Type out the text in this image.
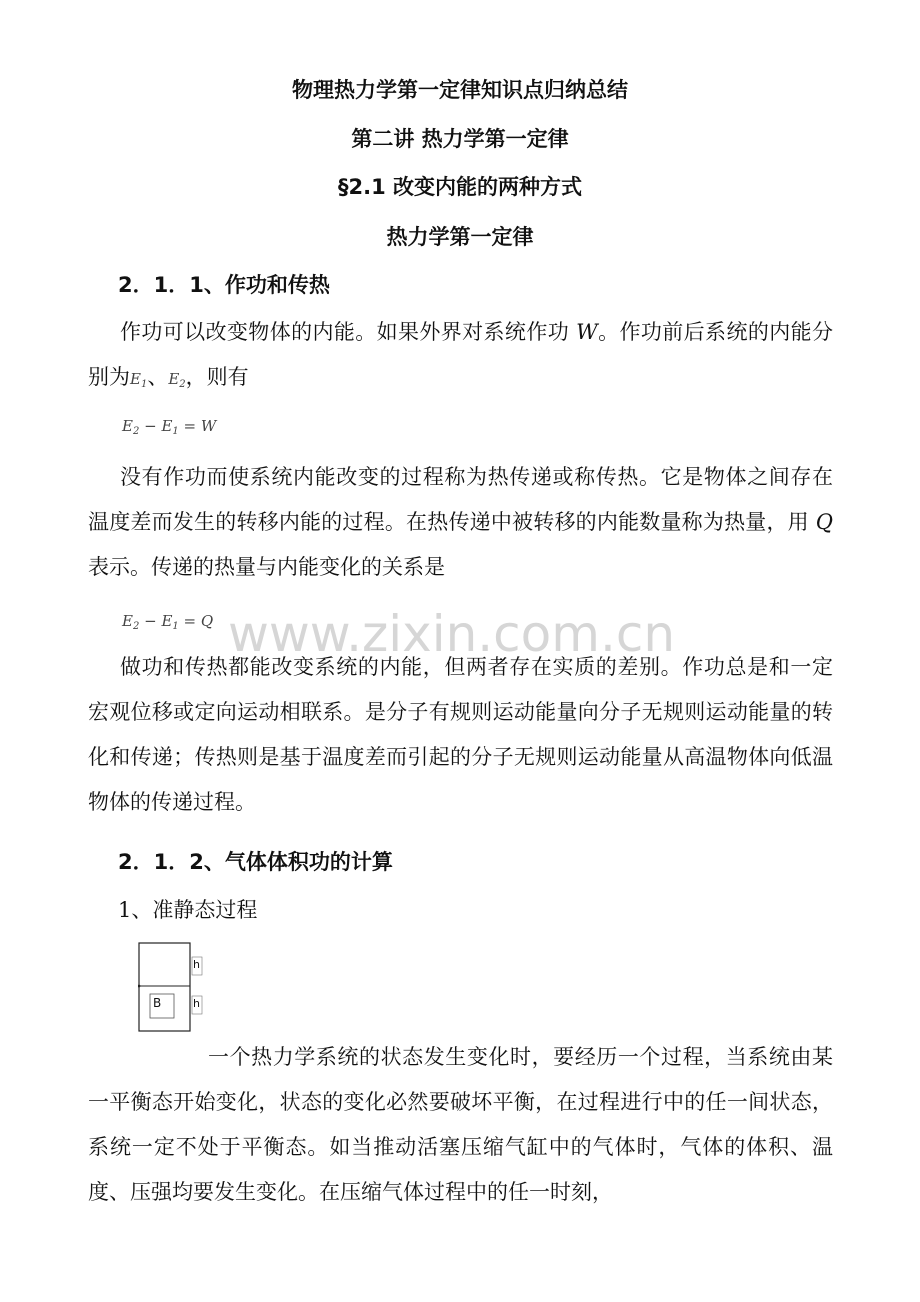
物理热力学第一定律知识点归纳总结
第二讲 热力学第一定律
§2.1 改变内能的两种方式
热力学第一定律
2．1．1、作功和传热

作功可以改变物体的内能。如果外界对系统作功 W。作功前后系统的内能分别为$E_1$、$E_2$，则有

$E_2 - E_1 = W$

没有作功而使系统内能改变的过程称为热传递或称传热。它是物体之间存在温度差而发生的转移内能的过程。在热传递中被转移的内能数量称为热量，用 Q表示。传递的热量与内能变化的关系是

$E_2 - E_1 = Q$ www.zixin.com.cn

做功和传热都能改变系统的内能，但两者存在实质的差别。作功总是和一定宏观位移或定向运动相联系。是分子有规则运动能量向分子无规则运动能量的转化和传递；传热则是基于温度差而引起的分子无规则运动能量从高温物体向低温物体的传递过程。

2．1．2、气体体积功的计算
1、准静态过程
B
h
h

一个热力学系统的状态发生变化时，要经历一个过程，当系统由某一平衡态开始变化，状态的变化必然要破坏平衡，在过程进行中的任一间状态，系统一定不处于平衡态。如当推动活塞压缩气缸中的气体时，气体的体积、温度、压强均要发生变化。在压缩气体过程中的任一时刻，
